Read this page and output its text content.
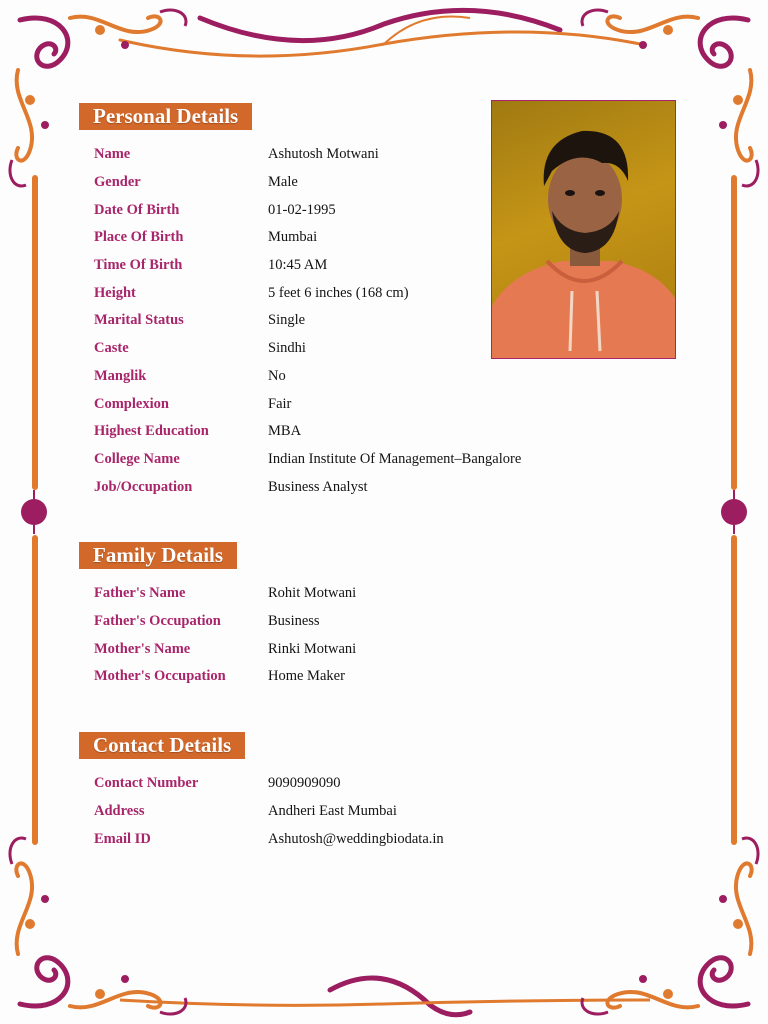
Personal Details
Name	Ashutosh Motwani
Gender	Male
Date Of Birth	01-02-1995
Place Of Birth	Mumbai
Time Of Birth	10:45 AM
Height	5 feet 6 inches (168 cm)
Marital Status	Single
Caste	Sindhi
Manglik	No
Complexion	Fair
Highest Education	MBA
College Name	Indian Institute Of Management–Bangalore
Job/Occupation	Business Analyst
Family Details
Father's Name	Rohit Motwani
Father's Occupation	Business
Mother's Name	Rinki Motwani
Mother's Occupation	Home Maker
Contact Details
Contact Number	9090909090
Address	Andheri East Mumbai
Email ID	Ashutosh@weddingbiodata.in
